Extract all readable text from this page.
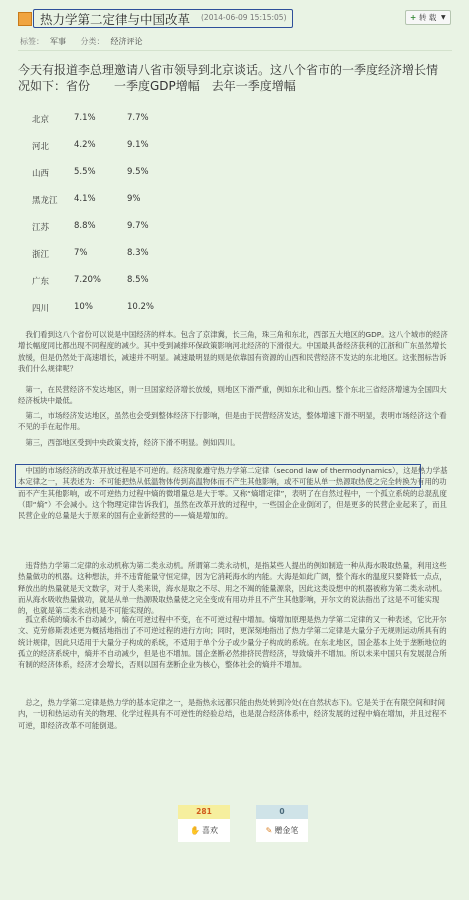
热力学第二定律与中国改革 (2014-06-09 15:15:05)	+ 转 载 ▼
标签： 军事 分类： 经济评论
今天有报道李总理邀请八省市领导到北京谈话。这八个省市的一季度经济增长情况如下：省份　　一季度GDP增幅　去年一季度增幅
北京	7.1%	7.7%
河北	4.2%	9.1%
山西	5.5%	9.5%
黑龙江 4.1%	9%
江苏	8.8%	9.7%
浙江	7%	8.3%
广东	7.20%	8.5%
四川	10%	10.2%
　我们看到这八个省份可以说是中国经济的样本。包含了京津冀，长三角，珠三角和东北，西部五大地区的GDP。这八个城市的经济增长幅度同比都出现不同程度的减少。其中受到减排环保政策影响河北经济的下滑很大。中国最具备经济获利的江浙和广东虽然增长放缓，但是仍然处于高速增长，减速并不明显。减速最明显的则是依靠国有资源的山西和民营经济不发达的东北地区。这张图标告诉我们什么规律呢？
　第一，在民营经济不发达地区，则一旦国家经济增长放缓，则地区下滑严重，例如东北和山西。整个东北三省经济增速为全国四大经济板块中最低。
　第二，市场经济发达地区，虽然也会受到整体经济下行影响，但是由于民营经济发达，整体增速下滑不明显，表明市场经济这个看不见的手在起作用。
　第三，西部地区受到中央政策支持，经济下滑不明显。例如四川。
　中国的市场经济的改革开放过程是不可逆的。经济现象遵守热力学第二定律（second law of thermodynamics），这是热力学基本定律之一，其表述为：不可能把热从低温物体传到高温物体而不产生其他影响，或不可能从单一热源取热使之完全转换为有用的功而不产生其他影响，或不可逆热力过程中熵的微增量总是大于零。又称“熵增定律”，表明了在自然过程中，一个孤立系统的总混乱度（即“熵”）不会减小。这个物理定律告诉我们，虽然在改革开放的过程中，一些国企企业倒闭了，但是更多的民营企业起来了，而且民营企业的总量是大于原来的国有企业新经营的——熵是增加的。
　违背热力学第二定律的永动机称为第二类永动机。所谓第二类永动机，是指某些人提出的例如制造一种从海水吸取热量，利用这些热量做功的机器。这种想法，并不违背能量守恒定律，因为它消耗海水的内能。大海是如此广阔，整个海水的温度只要降低一点点，释放出的热量就是天文数字，对于人类来说，海水是取之不尽、用之不竭的能量源泉，因此这类设想中的机器被称为第二类永动机。而从海水吸收热量做功，就是从单一热源吸取热量使之完全变成有用功并且不产生其他影响，开尔文的说法指出了这是不可能实现的，也就是第二类永动机是不可能实现的。
　孤立系统的熵永不自动减少，熵在可逆过程中不变，在不可逆过程中增加。熵增加原理是热力学第二定律的又一种表述，它比开尔文、克劳修斯表述更为概括地指出了不可逆过程的进行方向；同时，更深刻地指出了热力学第二定律是大量分子无规则运动所具有的统计规律，因此只适用于大量分子构成的系统，不适用于单个分子或少量分子构成的系统。在东北地区，国企基本上处于垄断地位的孤立的经济系统中，熵并不自动减少，但是也不增加。国企垄断必然排挤民营经济，导致熵并不增加。所以未来中国只有发展混合所有制的经济体系，经济才会增长，否则以国有垄断企业为核心，整体社会的熵并不增加。
　总之，热力学第二定律是热力学的基本定律之一，是指热永远都只能由热处转到冷处(在自然状态下)。它是关于在有限空间和时间内，一切和热运动有关的物理、化学过程具有不可逆性的经验总结，也是混合经济体系中，经济发展的过程中熵在增加，并且过程不可逆，即经济改革不可能倒退。
281
✋ 喜欢
0
✎ 赠金笔
